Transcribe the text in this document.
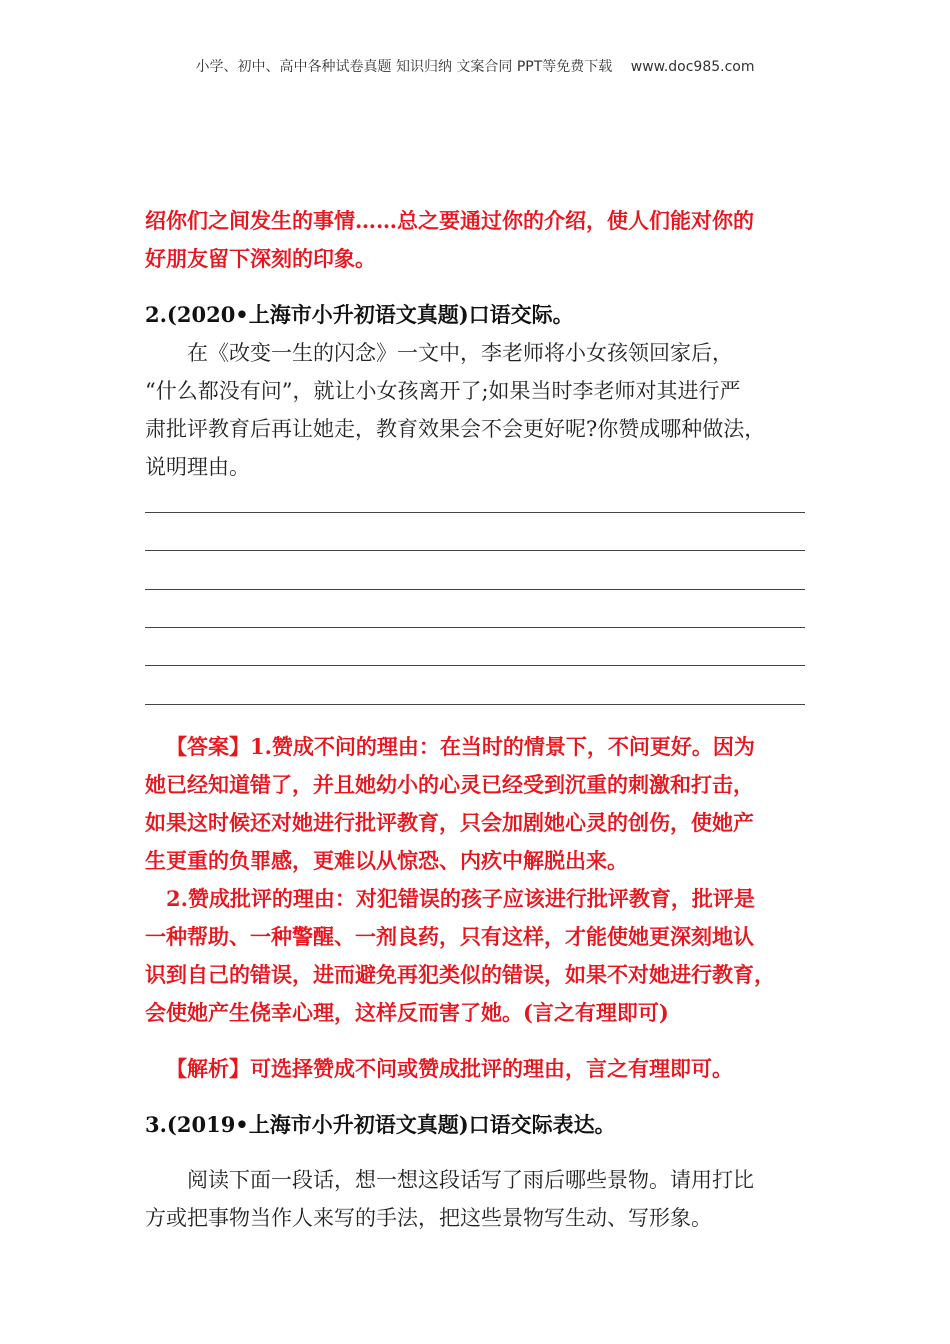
小学、初中、高中各种试卷真题 知识归纳 文案合同 PPT等免费下载 www.doc985.com
绍你们之间发生的事情……总之要通过你的介绍，使人们能对你的
好朋友留下深刻的印象。
2.(2020•上海市小升初语文真题)口语交际。
在《改变一生的闪念》一文中，李老师将小女孩领回家后，
“什么都没有问”，就让小女孩离开了;如果当时李老师对其进行严
肃批评教育后再让她走，教育效果会不会更好呢?你赞成哪种做法，
说明理由。
【答案】1.赞成不问的理由：在当时的情景下，不问更好。因为
她已经知道错了，并且她幼小的心灵已经受到沉重的刺激和打击，
如果这时候还对她进行批评教育，只会加剧她心灵的创伤，使她产
生更重的负罪感，更难以从惊恐、内疚中解脱出来。
2.赞成批评的理由：对犯错误的孩子应该进行批评教育，批评是
一种帮助、一种警醒、一剂良药，只有这样，才能使她更深刻地认
识到自己的错误，进而避免再犯类似的错误，如果不对她进行教育，
会使她产生侥幸心理，这样反而害了她。(言之有理即可)
【解析】可选择赞成不问或赞成批评的理由，言之有理即可。
3.(2019•上海市小升初语文真题)口语交际表达。
阅读下面一段话，想一想这段话写了雨后哪些景物。请用打比
方或把事物当作人来写的手法，把这些景物写生动、写形象。
